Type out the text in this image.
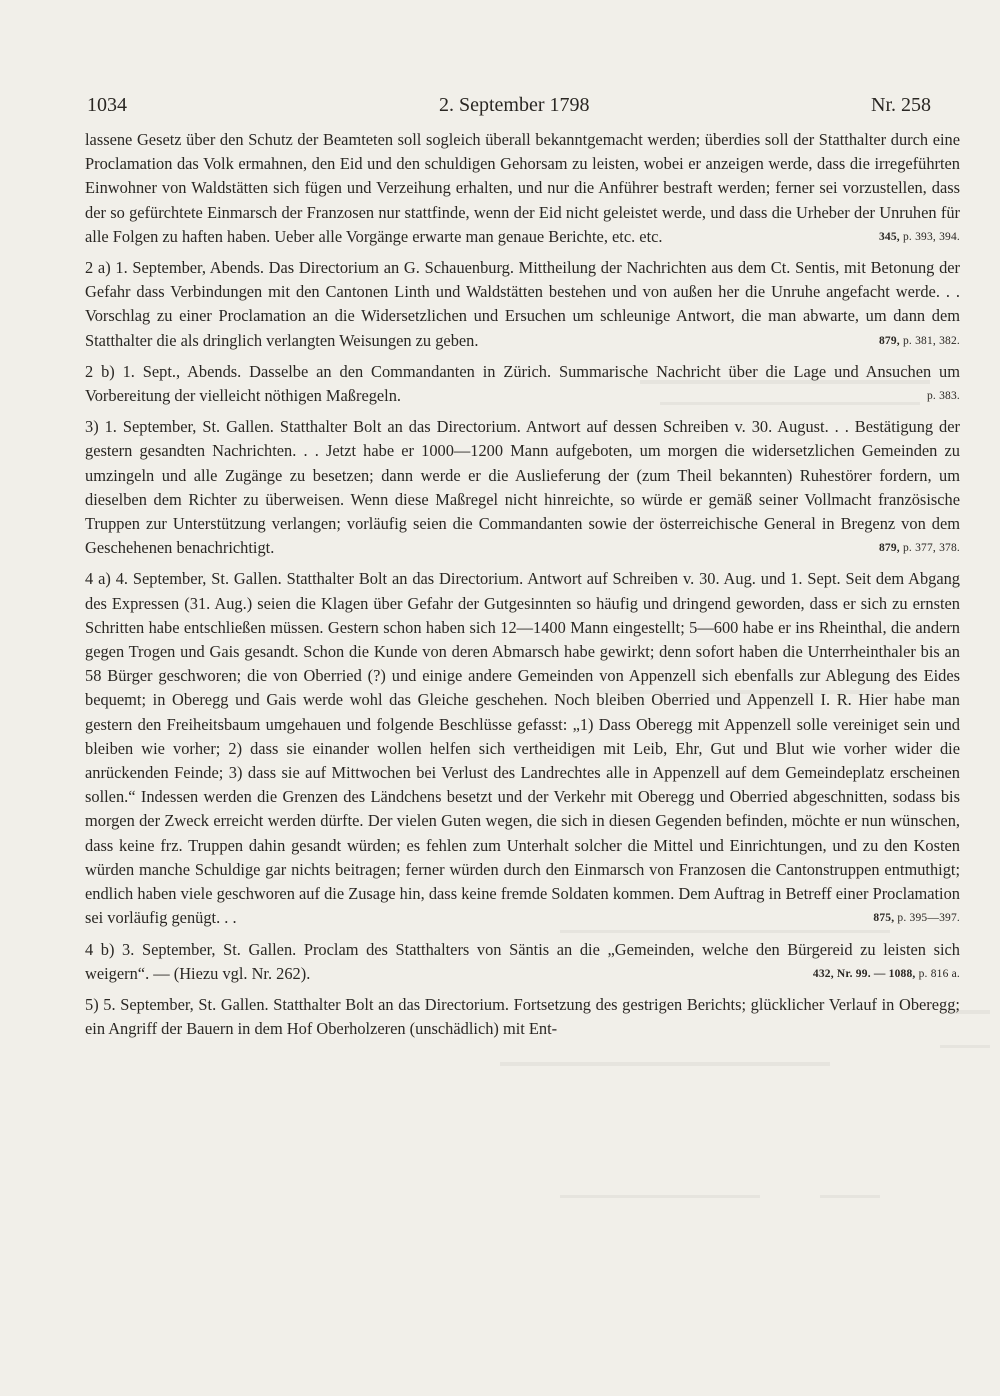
1034	2. September 1798	Nr. 258

lassene Gesetz über den Schutz der Beamteten soll sogleich überall bekanntgemacht werden; überdies soll der Statthalter durch eine Proclamation das Volk ermahnen, den Eid und den schuldigen Gehorsam zu leisten, wobei er anzeigen werde, dass die irregeführten Einwohner von Waldstätten sich fügen und Verzeihung erhalten, und nur die Anführer bestraft werden; ferner sei vorzustellen, dass der so gefürchtete Einmarsch der Franzosen nur stattfinde, wenn der Eid nicht geleistet werde, und dass die Urheber der Unruhen für alle Folgen zu haften haben. Ueber alle Vorgänge erwarte man genaue Berichte, etc. etc.	345, p. 393, 394.

2 a) 1. September, Abends. Das Directorium an G. Schauenburg. Mittheilung der Nachrichten aus dem Ct. Sentis, mit Betonung der Gefahr dass Verbindungen mit den Cantonen Linth und Waldstätten bestehen und von außen her die Unruhe angefacht werde. . . Vorschlag zu einer Proclamation an die Widersetzlichen und Ersuchen um schleunige Antwort, die man abwarte, um dann dem Statthalter die als dringlich verlangten Weisungen zu geben.	879, p. 381, 382.

2 b) 1. Sept., Abends. Dasselbe an den Commandanten in Zürich. Summarische Nachricht über die Lage und Ansuchen um Vorbereitung der vielleicht nöthigen Maßregeln.	p. 383.

3) 1. September, St. Gallen. Statthalter Bolt an das Directorium. Antwort auf dessen Schreiben v. 30. August. . . Bestätigung der gestern gesandten Nachrichten. . . Jetzt habe er 1000—1200 Mann aufgeboten, um morgen die widersetzlichen Gemeinden zu umzingeln und alle Zugänge zu besetzen; dann werde er die Auslieferung der (zum Theil bekannten) Ruhestörer fordern, um dieselben dem Richter zu überweisen. Wenn diese Maßregel nicht hinreichte, so würde er gemäß seiner Vollmacht französische Truppen zur Unterstützung verlangen; vorläufig seien die Commandanten sowie der österreichische General in Bregenz von dem Geschehenen benachrichtigt.	879, p. 377, 378.

4 a) 4. September, St. Gallen. Statthalter Bolt an das Directorium. Antwort auf Schreiben v. 30. Aug. und 1. Sept. Seit dem Abgang des Expressen (31. Aug.) seien die Klagen über Gefahr der Gutgesinnten so häufig und dringend geworden, dass er sich zu ernsten Schritten habe entschließen müssen. Gestern schon haben sich 12—1400 Mann eingestellt; 5—600 habe er ins Rheinthal, die andern gegen Trogen und Gais gesandt. Schon die Kunde von deren Abmarsch habe gewirkt; denn sofort haben die Unterrheinthaler bis an 58 Bürger geschworen; die von Oberried (?) und einige andere Gemeinden von Appenzell sich ebenfalls zur Ablegung des Eides bequemt; in Oberegg und Gais werde wohl das Gleiche geschehen. Noch bleiben Oberried und Appenzell I. R. Hier habe man gestern den Freiheitsbaum umgehauen und folgende Beschlüsse gefasst: „1) Dass Oberegg mit Appenzell solle vereiniget sein und bleiben wie vorher; 2) dass sie einander wollen helfen sich vertheidigen mit Leib, Ehr, Gut und Blut wie vorher wider die anrückenden Feinde; 3) dass sie auf Mittwochen bei Verlust des Landrechtes alle in Appenzell auf dem Gemeindeplatz erscheinen sollen.“ Indessen werden die Grenzen des Ländchens besetzt und der Verkehr mit Oberegg und Oberried abgeschnitten, sodass bis morgen der Zweck erreicht werden dürfte. Der vielen Guten wegen, die sich in diesen Gegenden befinden, möchte er nun wünschen, dass keine frz. Truppen dahin gesandt würden; es fehlen zum Unterhalt solcher die Mittel und Einrichtungen, und zu den Kosten würden manche Schuldige gar nichts beitragen; ferner würden durch den Einmarsch von Franzosen die Cantonstruppen entmuthigt; endlich haben viele geschworen auf die Zusage hin, dass keine fremde Soldaten kommen. Dem Auftrag in Betreff einer Proclamation sei vorläufig genügt. . .	875, p. 395—397.

4 b) 3. September, St. Gallen. Proclam des Statthalters von Säntis an die „Gemeinden, welche den Bürgereid zu leisten sich weigern“. — (Hiezu vgl. Nr. 262).	432, Nr. 99. — 1088, p. 816 a.

5) 5. September, St. Gallen. Statthalter Bolt an das Directorium. Fortsetzung des gestrigen Berichts; glücklicher Verlauf in Oberegg; ein Angriff der Bauern in dem Hof Oberholzeren (unschädlich) mit Ent-
